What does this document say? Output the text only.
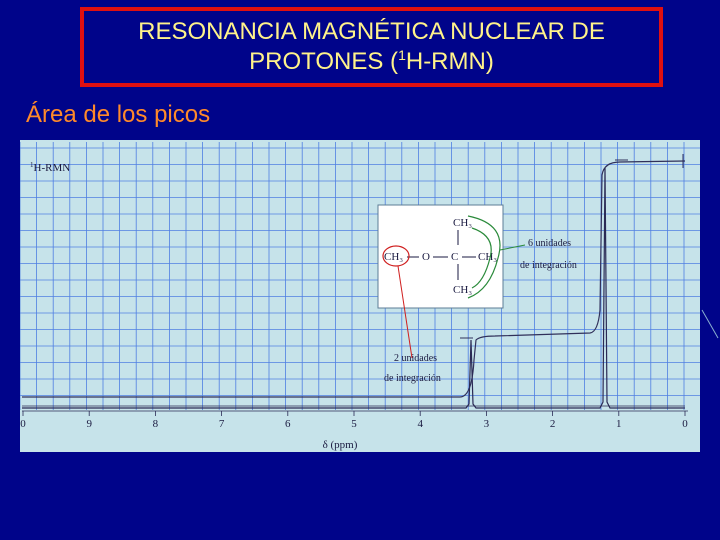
RESONANCIA MAGNÉTICA NUCLEAR DE
PROTONES ($^1$H-RMN)
Área de los picos
$^1$H-RMN
0	9	8	7	6	5	4	3	2	1	0
δ (ppm)
CH₃
CH₃ O C CH₃
CH₃
6 unidades
de integración
2 unidades
de integración
